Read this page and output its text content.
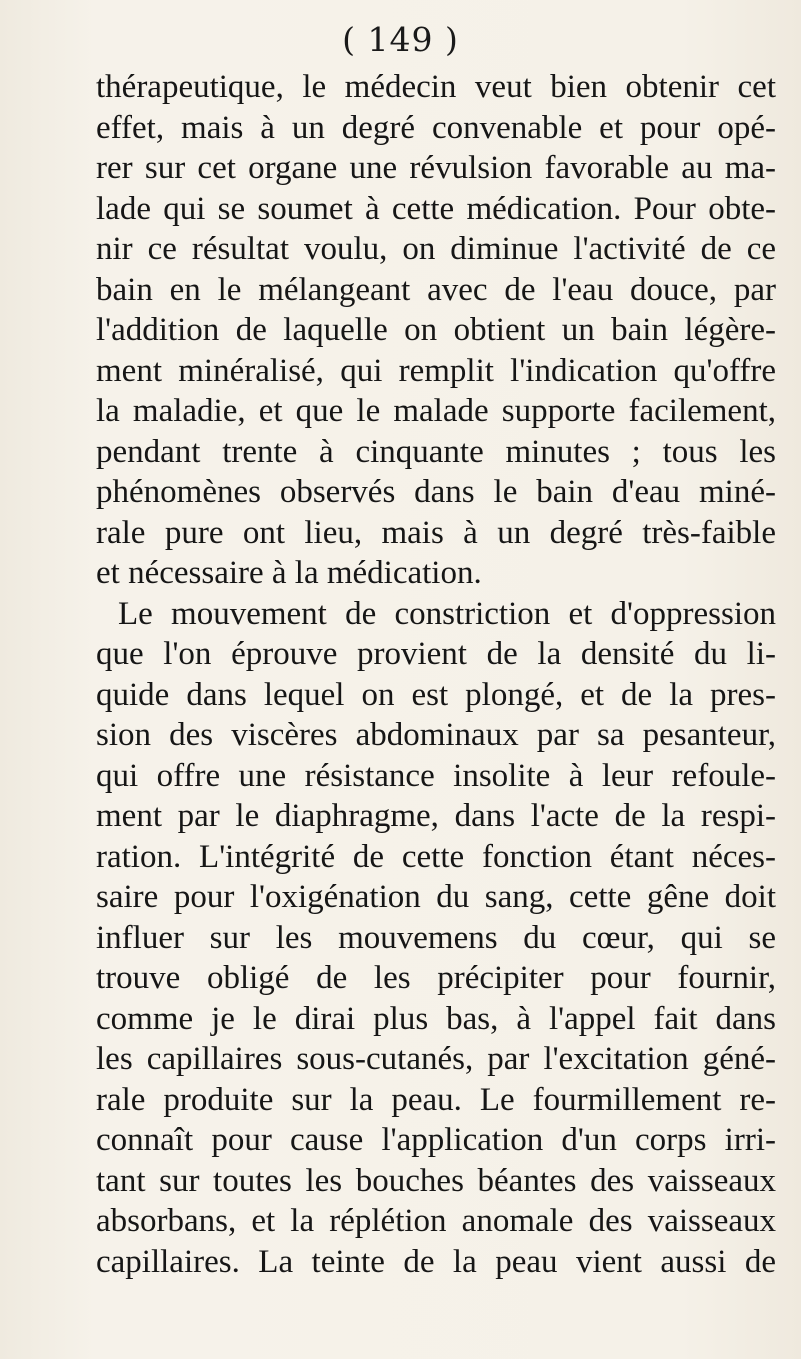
( 149 )
thérapeutique, le médecin veut bien obtenir cet
effet, mais à un degré convenable et pour opé-
rer sur cet organe une révulsion favorable au ma-
lade qui se soumet à cette médication. Pour obte-
nir ce résultat voulu, on diminue l'activité de ce
bain en le mélangeant avec de l'eau douce, par
l'addition de laquelle on obtient un bain légère-
ment minéralisé, qui remplit l'indication qu'offre
la maladie, et que le malade supporte facilement,
pendant trente à cinquante minutes ; tous les
phénomènes observés dans le bain d'eau miné-
rale pure ont lieu, mais à un degré très-faible
et nécessaire à la médication.
Le mouvement de constriction et d'oppression
que l'on éprouve provient de la densité du li-
quide dans lequel on est plongé, et de la pres-
sion des viscères abdominaux par sa pesanteur,
qui offre une résistance insolite à leur refoule-
ment par le diaphragme, dans l'acte de la respi-
ration. L'intégrité de cette fonction étant néces-
saire pour l'oxigénation du sang, cette gêne doit
influer sur les mouvemens du cœur, qui se
trouve obligé de les précipiter pour fournir,
comme je le dirai plus bas, à l'appel fait dans
les capillaires sous-cutanés, par l'excitation géné-
rale produite sur la peau. Le fourmillement re-
connaît pour cause l'application d'un corps irri-
tant sur toutes les bouches béantes des vaisseaux
absorbans, et la réplétion anomale des vaisseaux
capillaires. La teinte de la peau vient aussi de
